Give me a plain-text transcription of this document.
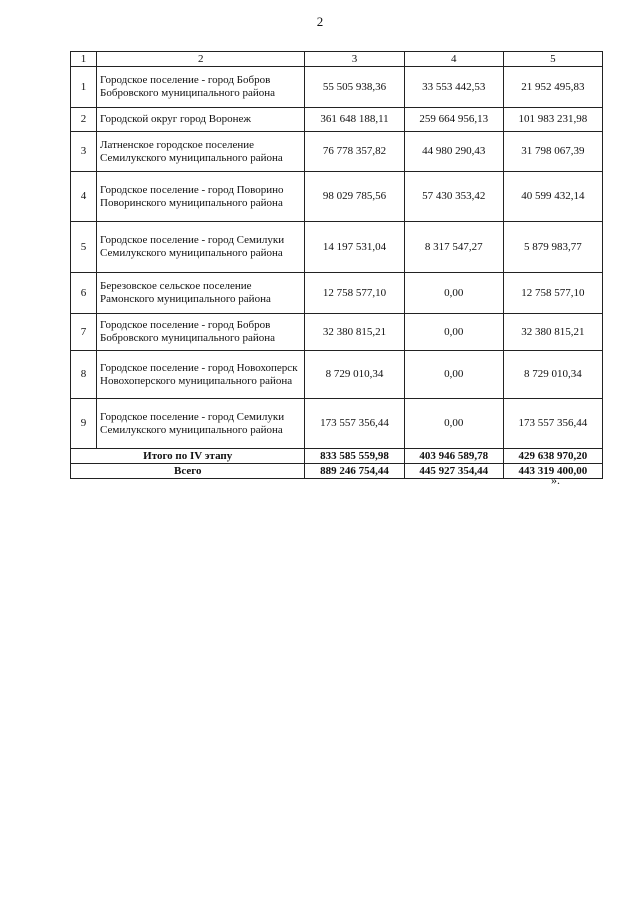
2
1	2	3	4	5
1	Городское поселение - город Бобров Бобровского муниципального района	55 505 938,36	33 553 442,53	21 952 495,83
2	Городской округ город Воронеж	361 648 188,11	259 664 956,13	101 983 231,98
3	Латненское городское поселение Семилукского муниципального района	76 778 357,82	44 980 290,43	31 798 067,39
4	Городское поселение - город Поворино Поворинского муниципального района	98 029 785,56	57 430 353,42	40 599 432,14
5	Городское поселение - город Семилуки Семилукского муниципального района	14 197 531,04	8 317 547,27	5 879 983,77
6	Березовское сельское поселение Рамонского муниципального района	12 758 577,10	0,00	12 758 577,10
7	Городское поселение - город Бобров Бобровского муниципального района	32 380 815,21	0,00	32 380 815,21
8	Городское поселение - город Новохоперск Новохоперского муниципального района	8 729 010,34	0,00	8 729 010,34
9	Городское поселение - город Семилуки Семилукского муниципального района	173 557 356,44	0,00	173 557 356,44
Итого по IV этапу		833 585 559,98	403 946 589,78	429 638 970,20
Всего		889 246 754,44	445 927 354,44	443 319 400,00
».
